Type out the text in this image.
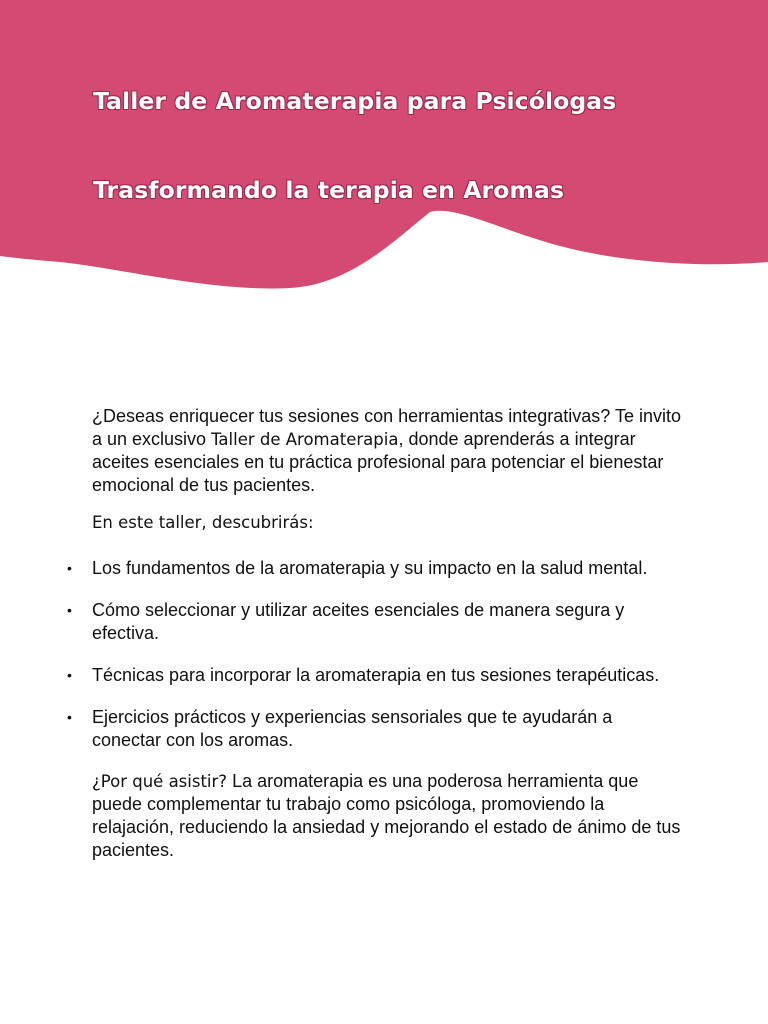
Taller de Aromaterapia para Psicólogas
Trasformando la terapia en Aromas

¿Deseas enriquecer tus sesiones con herramientas integrativas? Te invito a un exclusivo Taller de Aromaterapia, donde aprenderás a integrar aceites esenciales en tu práctica profesional para potenciar el bienestar emocional de tus pacientes.

En este taller, descubrirás:

• Los fundamentos de la aromaterapia y su impacto en la salud mental.
• Cómo seleccionar y utilizar aceites esenciales de manera segura y efectiva.
• Técnicas para incorporar la aromaterapia en tus sesiones terapéuticas.
• Ejercicios prácticos y experiencias sensoriales que te ayudarán a conectar con los aromas.

¿Por qué asistir? La aromaterapia es una poderosa herramienta que puede complementar tu trabajo como psicóloga, promoviendo la relajación, reduciendo la ansiedad y mejorando el estado de ánimo de tus pacientes.
